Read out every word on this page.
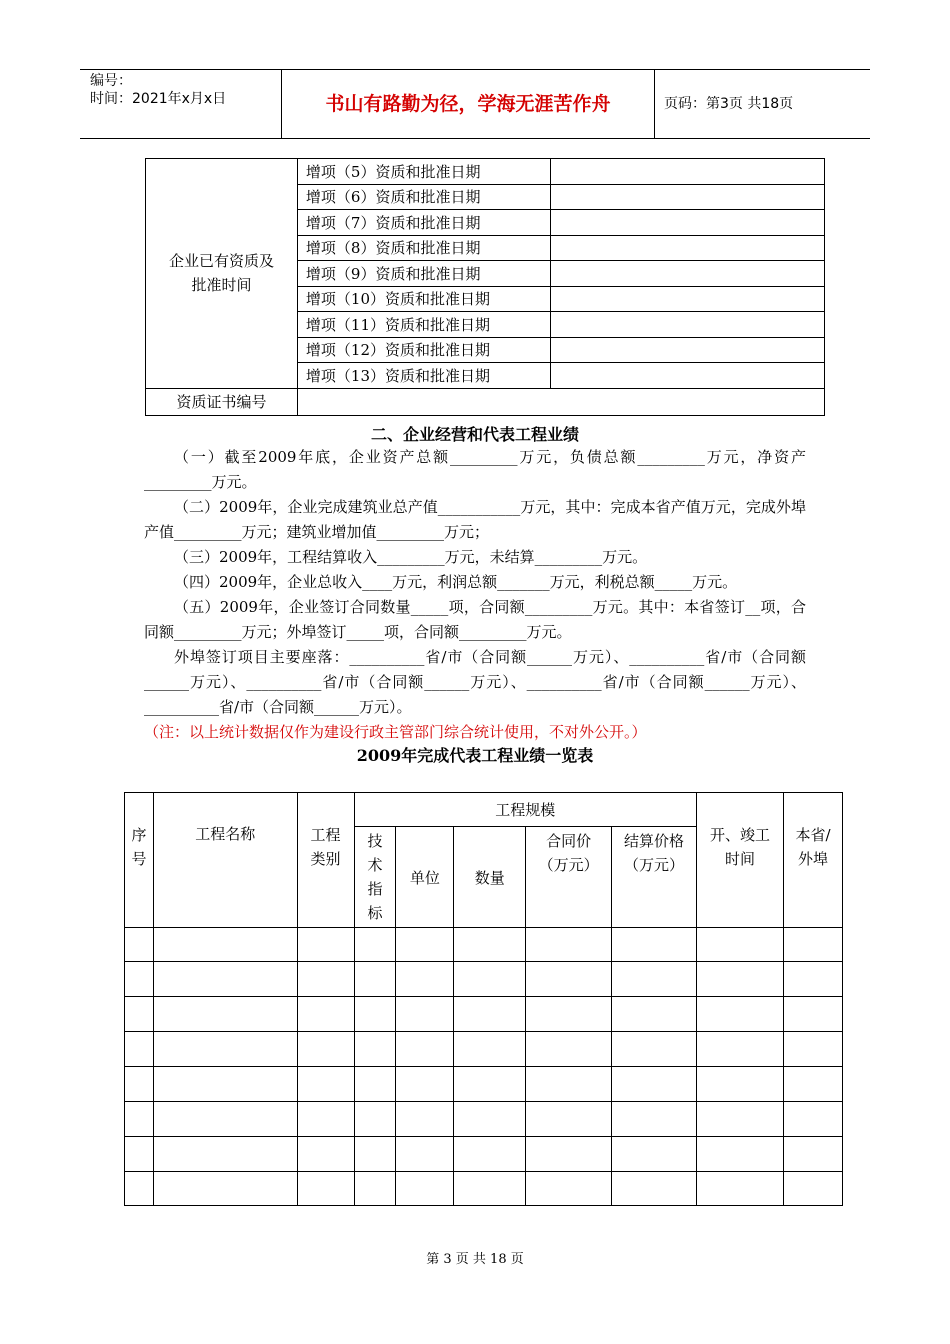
编号：
时间：2021年x月x日	书山有路勤为径，学海无涯苦作舟	页码：第3页 共18页
企业已有资质及批准时间	增项（5）资质和批准日期	
	增项（6）资质和批准日期	
	增项（7）资质和批准日期	
	增项（8）资质和批准日期	
	增项（9）资质和批准日期	
	增项（10）资质和批准日期	
	增项（11）资质和批准日期	
	增项（12）资质和批准日期	
	增项（13）资质和批准日期	
资质证书编号		
二、企业经营和代表工程业绩

（一）截至2009年底，企业资产总额_________万元，负债总额_________万元，净资产_________万元。

（二）2009年，企业完成建筑业总产值___________万元，其中：完成本省产值万元，完成外埠产值_________万元；建筑业增加值_________万元；

（三）2009年，工程结算收入_________万元，未结算_________万元。

（四）2009年，企业总收入____万元，利润总额_______万元，利税总额_____万元。

（五）2009年，企业签订合同数量_____项，合同额_________万元。其中：本省签订__项，合同额_________万元；外埠签订_____项，合同额_________万元。

外埠签订项目主要座落：__________省/市（合同额______万元）、__________省/市（合同额______万元）、__________省/市（合同额______万元）、__________省/市（合同额______万元）、__________省/市（合同额______万元）。

（注：以上统计数据仅作为建设行政主管部门综合统计使用，不对外公开。）

2009年完成代表工程业绩一览表
序号	工程名称	工程类别	工程规模					开、竣工时间	本省/外埠

			技术指标	单位	数量	合同价（万元）	结算价格（万元）		

第 3 页 共 18 页
